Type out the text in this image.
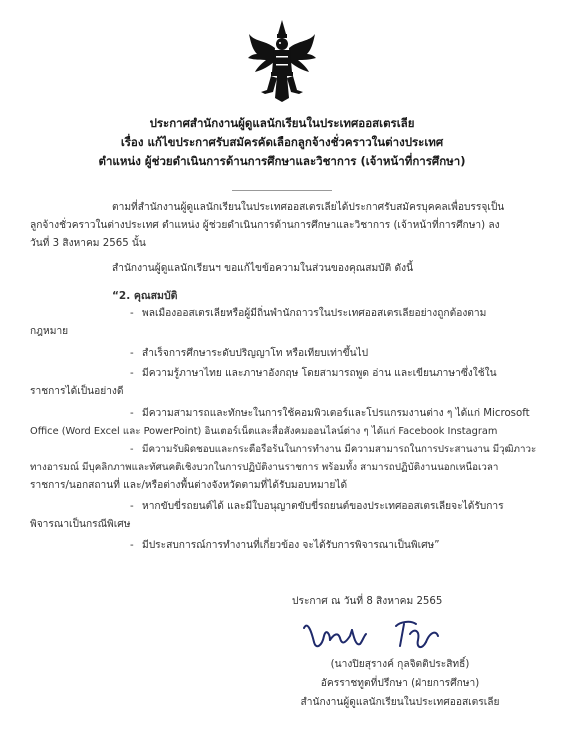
ประกาศสำนักงานผู้ดูแลนักเรียนในประเทศออสเตรเลีย
เรื่อง แก้ไขประกาศรับสมัครคัดเลือกลูกจ้างชั่วคราวในต่างประเทศ
ตำแหน่ง ผู้ช่วยดำเนินการด้านการศึกษาและวิชาการ (เจ้าหน้าที่การศึกษา)
ตามที่สำนักงานผู้ดูแลนักเรียนในประเทศออสเตรเลียได้ประกาศรับสมัครบุคคลเพื่อบรรจุเป็น
ลูกจ้างชั่วคราวในต่างประเทศ ตำแหน่ง ผู้ช่วยดำเนินการด้านการศึกษาและวิชาการ (เจ้าหน้าที่การศึกษา) ลง
วันที่ 3 สิงหาคม 2565 นั้น
สำนักงานผู้ดูแลนักเรียนฯ ขอแก้ไขข้อความในส่วนของคุณสมบัติ ดังนี้
“2. คุณสมบัติ
- พลเมืองออสเตรเลียหรือผู้มีถิ่นพำนักถาวรในประเทศออสเตรเลียอย่างถูกต้องตาม
กฎหมาย
- สำเร็จการศึกษาระดับปริญญาโท หรือเทียบเท่าขึ้นไป
- มีความรู้ภาษาไทย และภาษาอังกฤษ โดยสามารถพูด อ่าน และเขียนภาษาซึ่งใช้ใน
ราชการได้เป็นอย่างดี
- มีความสามารถและทักษะในการใช้คอมพิวเตอร์และโปรแกรมงานต่าง ๆ ได้แก่ Microsoft
Office (Word Excel และ PowerPoint) อินเตอร์เน็ตและสื่อสังคมออนไลน์ต่าง ๆ ได้แก่ Facebook Instagram
- มีความรับผิดชอบและกระตือรือร้นในการทำงาน มีความสามารถในการประสานงาน มีวุฒิภาวะ
ทางอารมณ์ มีบุคลิกภาพและทัศนคติเชิงบวกในการปฏิบัติงานราชการ พร้อมทั้ง สามารถปฏิบัติงานนอกเหนือเวลา
ราชการ/นอกสถานที่ และ/หรือต่างพื้นต่างจังหวัดตามที่ได้รับมอบหมายได้
- หากขับขี่รถยนต์ได้ และมีใบอนุญาตขับขี่รถยนต์ของประเทศออสเตรเลียจะได้รับการ
พิจารณาเป็นกรณีพิเศษ
- มีประสบการณ์การทำงานที่เกี่ยวข้อง จะได้รับการพิจารณาเป็นพิเศษ”
ประกาศ ณ วันที่ 8 สิงหาคม 2565
(นางปิยสุรางค์ กุลจิตติประสิทธิ์)
อัครราชทูตที่ปรึกษา (ฝ่ายการศึกษา)
สำนักงานผู้ดูแลนักเรียนในประเทศออสเตรเลีย
